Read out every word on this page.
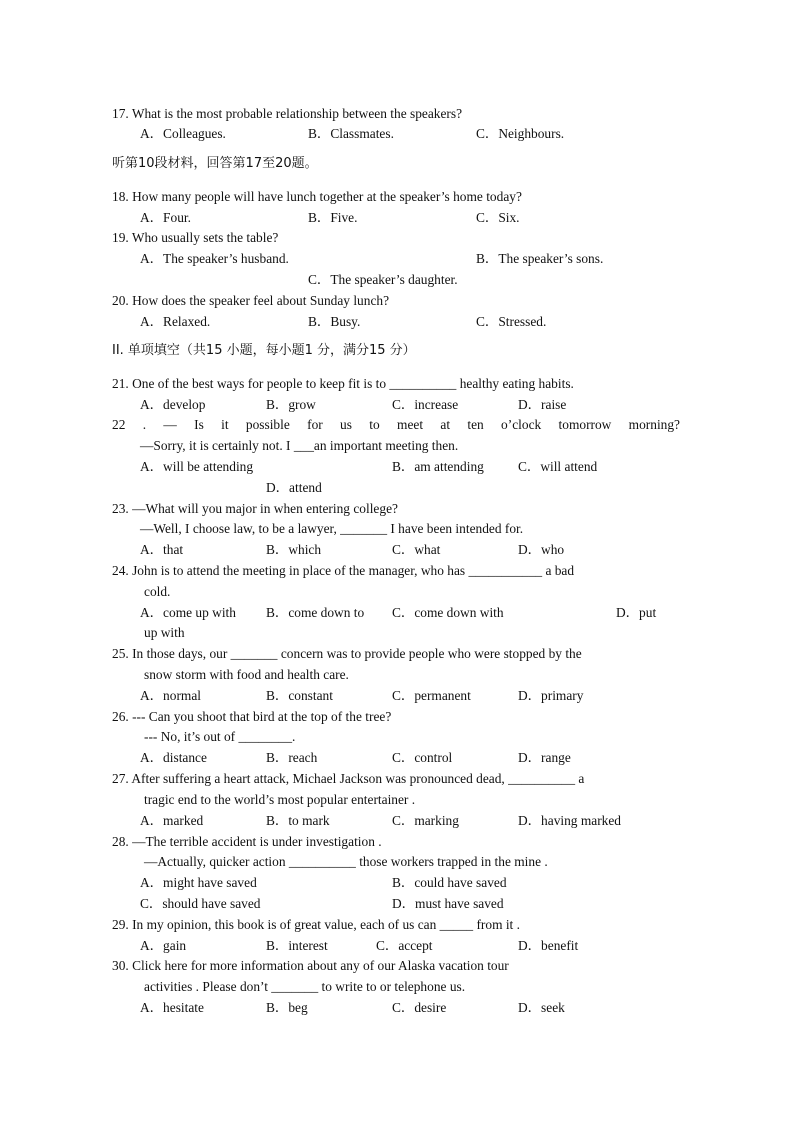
17. What is the most probable relationship between the speakers?
A．Colleagues.	B．Classmates.	C．Neighbours.
听第10段材料，回答第17至20题。
18. How many people will have lunch together at the speaker’s home today?
A．Four.	B．Five.	C．Six.
19. Who usually sets the table?
A．The speaker’s husband.	B．The speaker’s sons.
C．The speaker’s daughter.
20. How does the speaker feel about Sunday lunch?
A．Relaxed.	B．Busy.	C．Stressed.
II. 单项填空（共15 小题，每小题1 分，满分15 分）
21. One of the best ways for people to keep fit is to __________ healthy eating habits.
A．develop	B．grow	C．increase	D．raise
22 . — Is it possible for us to meet at ten o’clock tomorrow morning?
—Sorry, it is certainly not. I ___an important meeting then.
A．will be attending	B．am attending	C．will attend
D．attend
23. —What will you major in when entering college?
—Well, I choose law, to be a lawyer, _______ I have been intended for.
A．that	B．which	C．what	D．who
24. John is to attend the meeting in place of the manager, who has ___________ a bad
cold.
A．come up with B．come down to C．come down with	D．put
up with
25. In those days, our _______ concern was to provide people who were stopped by the
snow storm with food and health care.
A．normal	B．constant	C．permanent	D．primary
26. --- Can you shoot that bird at the top of the tree?
--- No, it’s out of ________.
A．distance	B．reach	C．control	D．range
27. After suffering a heart attack, Michael Jackson was pronounced dead, __________ a
tragic end to the world’s most popular entertainer .
A．marked	B．to mark	C．marking	D．having marked
28. —The terrible accident is under investigation .
—Actually, quicker action __________ those workers trapped in the mine .
A．might have saved	B．could have saved
C．should have saved	D．must have saved
29. In my opinion, this book is of great value, each of us can _____ from it .
A．gain	B．interest	C．accept	D．benefit
30. Click here for more information about any of our Alaska vacation tour
activities . Please don’t _______ to write to or telephone us.
A．hesitate	B．beg	C．desire	D．seek
